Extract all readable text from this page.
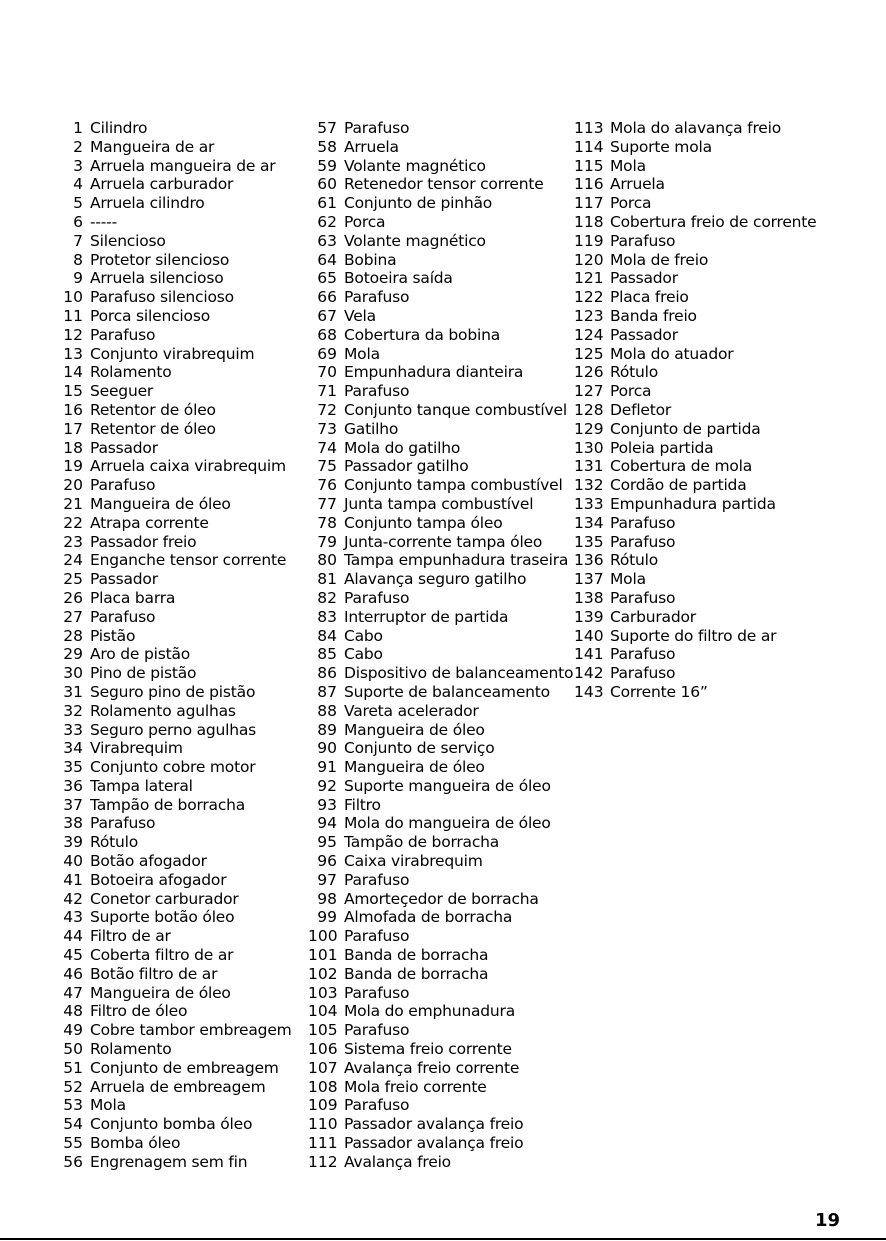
1 Cilindro
2 Mangueira de ar
3 Arruela mangueira de ar
4 Arruela carburador
5 Arruela cilindro
6 -----
7 Silencioso
8 Protetor silencioso
9 Arruela silencioso
10 Parafuso silencioso
11 Porca silencioso
12 Parafuso
13 Conjunto virabrequim
14 Rolamento
15 Seeguer
16 Retentor de óleo
17 Retentor de óleo
18 Passador
19 Arruela caixa virabrequim
20 Parafuso
21 Mangueira de óleo
22 Atrapa corrente
23 Passador freio
24 Enganche tensor corrente
25 Passador
26 Placa barra
27 Parafuso
28 Pistão
29 Aro de pistão
30 Pino de pistão
31 Seguro pino de pistão
32 Rolamento agulhas
33 Seguro perno agulhas
34 Virabrequim
35 Conjunto cobre motor
36 Tampa lateral
37 Tampão de borracha
38 Parafuso
39 Rótulo
40 Botão afogador
41 Botoeira afogador
42 Conetor carburador
43 Suporte botão óleo
44 Filtro de ar
45 Coberta filtro de ar
46 Botão filtro de ar
47 Mangueira de óleo
48 Filtro de óleo
49 Cobre tambor embreagem
50 Rolamento
51 Conjunto de embreagem
52 Arruela de embreagem
53 Mola
54 Conjunto bomba óleo
55 Bomba óleo
56 Engrenagem sem fin
57 Parafuso
58 Arruela
59 Volante magnético
60 Retenedor tensor corrente
61 Conjunto de pinhão
62 Porca
63 Volante magnético
64 Bobina
65 Botoeira saída
66 Parafuso
67 Vela
68 Cobertura da bobina
69 Mola
70 Empunhadura dianteira
71 Parafuso
72 Conjunto tanque combustível
73 Gatilho
74 Mola do gatilho
75 Passador gatilho
76 Conjunto tampa combustível
77 Junta tampa combustível
78 Conjunto tampa óleo
79 Junta-corrente tampa óleo
80 Tampa empunhadura traseira
81 Alavança seguro gatilho
82 Parafuso
83 Interruptor de partida
84 Cabo
85 Cabo
86 Dispositivo de balanceamento
87 Suporte de balanceamento
88 Vareta acelerador
89 Mangueira de óleo
90 Conjunto de serviço
91 Mangueira de óleo
92 Suporte mangueira de óleo
93 Filtro
94 Mola do mangueira de óleo
95 Tampão de borracha
96 Caixa virabrequim
97 Parafuso
98 Amorteçedor de borracha
99 Almofada de borracha
100 Parafuso
101 Banda de borracha
102 Banda de borracha
103 Parafuso
104 Mola do emphunadura
105 Parafuso
106 Sistema freio corrente
107 Avalança freio corrente
108 Mola freio corrente
109 Parafuso
110 Passador avalança freio
111 Passador avalança freio
112 Avalança freio
113 Mola do alavança freio
114 Suporte mola
115 Mola
116 Arruela
117 Porca
118 Cobertura freio de corrente
119 Parafuso
120 Mola de freio
121 Passador
122 Placa freio
123 Banda freio
124 Passador
125 Mola do atuador
126 Rótulo
127 Porca
128 Defletor
129 Conjunto de partida
130 Poleia partida
131 Cobertura de mola
132 Cordão de partida
133 Empunhadura partida
134 Parafuso
135 Parafuso
136 Rótulo
137 Mola
138 Parafuso
139 Carburador
140 Suporte do filtro de ar
141 Parafuso
142 Parafuso
143 Corrente 16”
19
